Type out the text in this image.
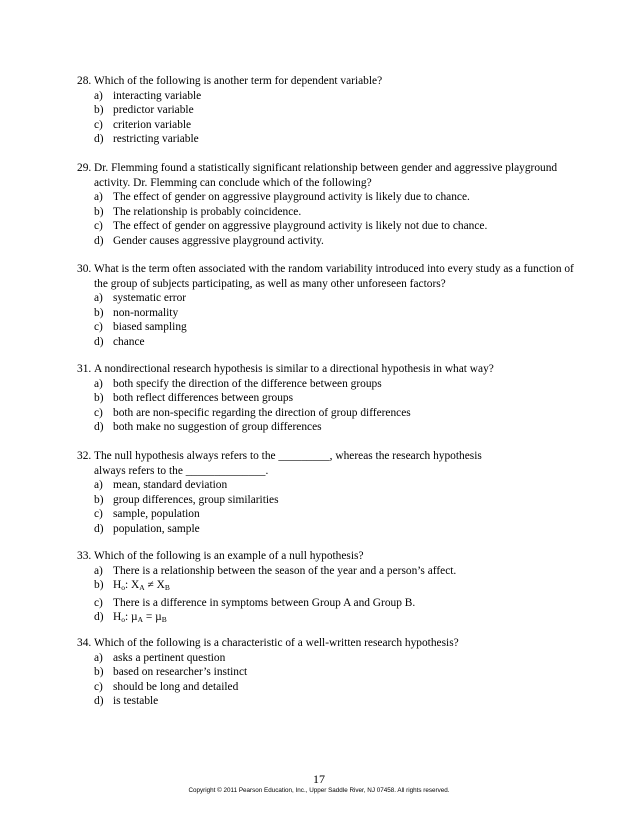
28. Which of the following is another term for dependent variable?
a) interacting variable
b) predictor variable
c) criterion variable
d) restricting variable
29. Dr. Flemming found a statistically significant relationship between gender and aggressive playground activity. Dr. Flemming can conclude which of the following?
a) The effect of gender on aggressive playground activity is likely due to chance.
b) The relationship is probably coincidence.
c) The effect of gender on aggressive playground activity is likely not due to chance.
d) Gender causes aggressive playground activity.
30. What is the term often associated with the random variability introduced into every study as a function of the group of subjects participating, as well as many other unforeseen factors?
a) systematic error
b) non-normality
c) biased sampling
d) chance
31. A nondirectional research hypothesis is similar to a directional hypothesis in what way?
a) both specify the direction of the difference between groups
b) both reflect differences between groups
c) both are non-specific regarding the direction of group differences
d) both make no suggestion of group differences
32. The null hypothesis always refers to the _________, whereas the research hypothesis
always refers to the ______________.
a) mean, standard deviation
b) group differences, group similarities
c) sample, population
d) population, sample
33. Which of the following is an example of a null hypothesis?
a) There is a relationship between the season of the year and a person’s affect.
b) $H_o$: $X_A \ne X_B$
c) There is a difference in symptoms between Group A and Group B.
d) $H_o$: µ$_A$ = µ$_B$
34. Which of the following is a characteristic of a well-written research hypothesis?
a) asks a pertinent question
b) based on researcher’s instinct
c) should be long and detailed
d) is testable
17
Copyright © 2011 Pearson Education, Inc., Upper Saddle River, NJ 07458. All rights reserved.
